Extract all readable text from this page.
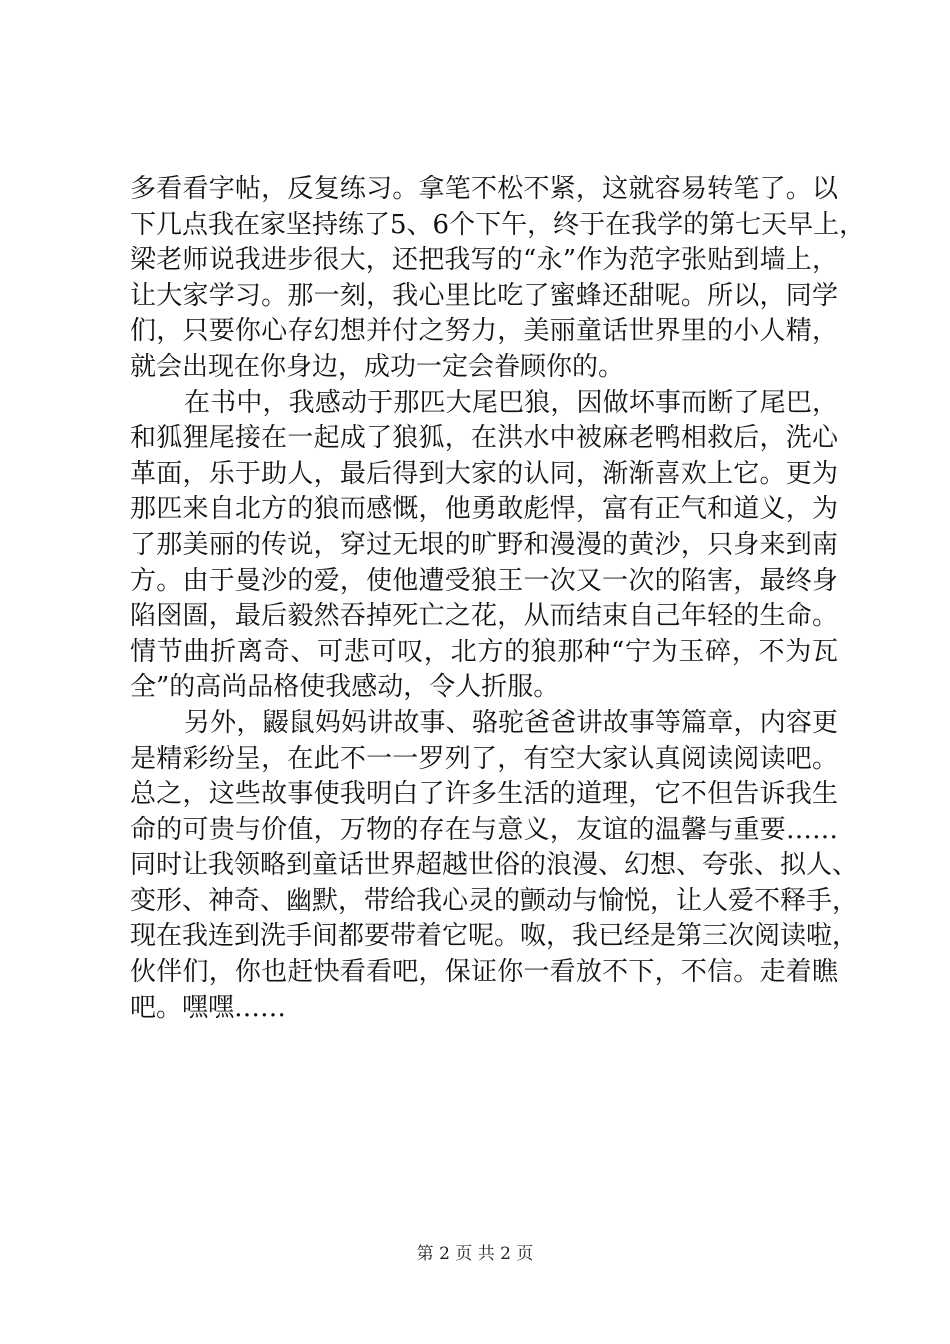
多看看字帖，反复练习。拿笔不松不紧，这就容易转笔了。以
下几点我在家坚持练了5、6个下午，终于在我学的第七天早上，
梁老师说我进步很大，还把我写的“永”作为范字张贴到墙上，
让大家学习。那一刻，我心里比吃了蜜蜂还甜呢。所以，同学
们，只要你心存幻想并付之努力，美丽童话世界里的小人精，
就会出现在你身边，成功一定会眷顾你的。
在书中，我感动于那匹大尾巴狼，因做坏事而断了尾巴，
和狐狸尾接在一起成了狼狐，在洪水中被麻老鸭相救后，洗心
革面，乐于助人，最后得到大家的认同，渐渐喜欢上它。更为
那匹来自北方的狼而感慨，他勇敢彪悍，富有正气和道义，为
了那美丽的传说，穿过无垠的旷野和漫漫的黄沙，只身来到南
方。由于曼沙的爱，使他遭受狼王一次又一次的陷害，最终身
陷囹圄，最后毅然吞掉死亡之花，从而结束自己年轻的生命。
情节曲折离奇、可悲可叹，北方的狼那种“宁为玉碎，不为瓦
全”的高尚品格使我感动，令人折服。
另外，鼹鼠妈妈讲故事、骆驼爸爸讲故事等篇章，内容更
是精彩纷呈，在此不一一罗列了，有空大家认真阅读阅读吧。
总之，这些故事使我明白了许多生活的道理，它不但告诉我生
命的可贵与价值，万物的存在与意义，友谊的温馨与重要……
同时让我领略到童话世界超越世俗的浪漫、幻想、夸张、拟人、
变形、神奇、幽默，带给我心灵的颤动与愉悦，让人爱不释手，
现在我连到洗手间都要带着它呢。呶，我已经是第三次阅读啦，
伙伴们，你也赶快看看吧，保证你一看放不下，不信。走着瞧
吧。嘿嘿……
第 2 页 共 2 页
